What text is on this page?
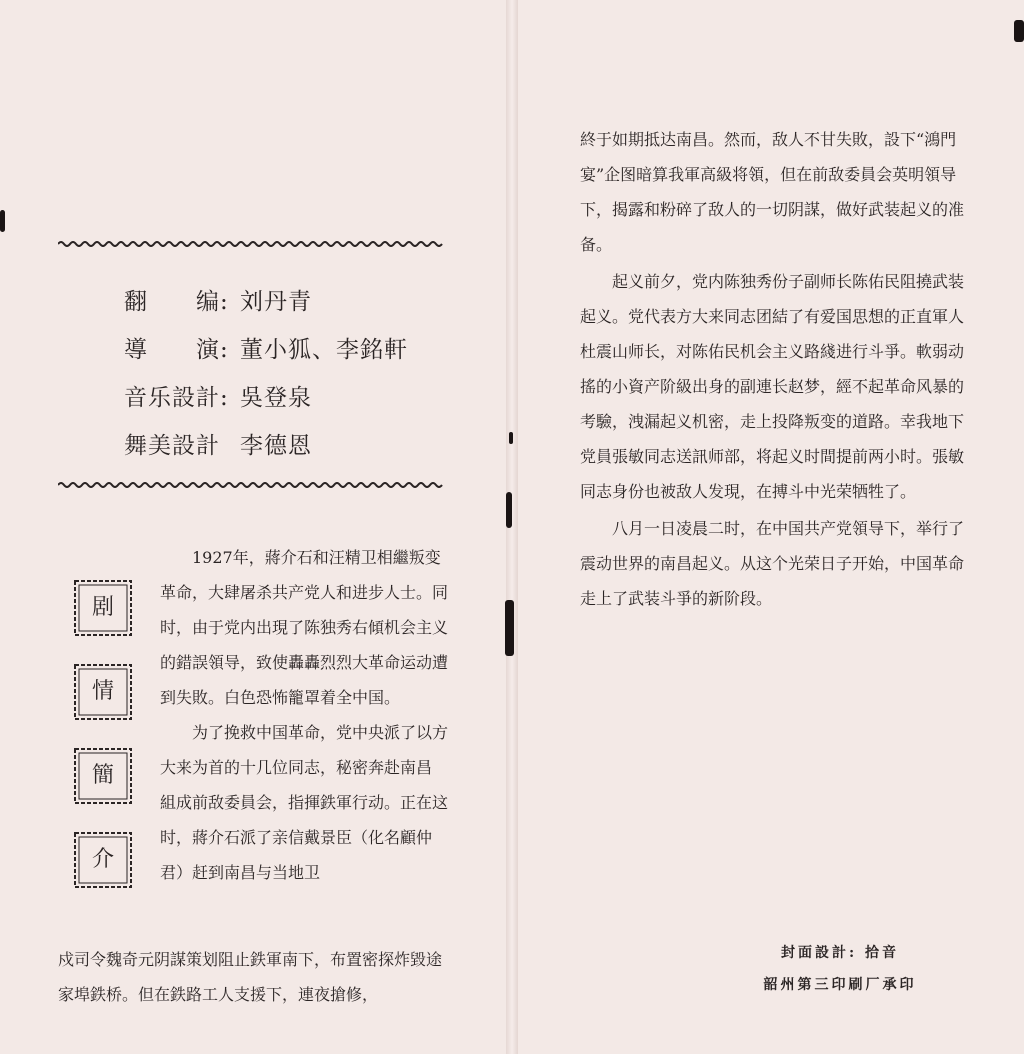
翻　　编: 刘丹青
導　　演: 董小狐、李銘軒
音乐設計: 吳登泉
舞美設計 李德恩
剧
情
簡
介

1927年，蔣介石和汪精卫相繼叛变革命，大肆屠杀共产党人和进步人士。同时，由于党内出現了陈独秀右傾机会主义的錯誤領导，致使轟轟烈烈大革命运动遭到失敗。白色恐怖籠罩着全中国。

为了挽救中国革命，党中央派了以方大来为首的十几位同志，秘密奔赴南昌 組成前敌委員会，指揮鉄軍行动。正在这时，蔣介石派了亲信戴景臣（化名顧仲君）赶到南昌与当地卫

戍司令魏奇元阴謀策划阻止鉄軍南下，布置密探炸毀途家埠鉄桥。但在鉄路工人支援下，連夜搶修，

終于如期抵达南昌。然而，敌人不甘失敗，設下“鴻門宴”企图暗算我軍高級将領，但在前敌委員会英明領导下，揭露和粉碎了敌人的一切阴謀，做好武装起义的准备。

起义前夕，党内陈独秀份子副师长陈佑民阻撓武装起义。党代表方大来同志团結了有爱国思想的正直軍人杜震山师长，对陈佑民机会主义路綫进行斗爭。軟弱动搖的小資产阶級出身的副連长赵梦，經不起革命风暴的考驗，洩漏起义机密，走上投降叛变的道路。幸我地下党員張敏同志送訊师部，将起义时間提前两小时。張敏同志身份也被敌人发現，在搏斗中光荣牺牲了。

八月一日凌晨二时，在中国共产党領导下，举行了震动世界的南昌起义。从这个光荣日子开始，中国革命走上了武装斗爭的新阶段。

封面設計: 拾音
韶州第三印刷厂承印
